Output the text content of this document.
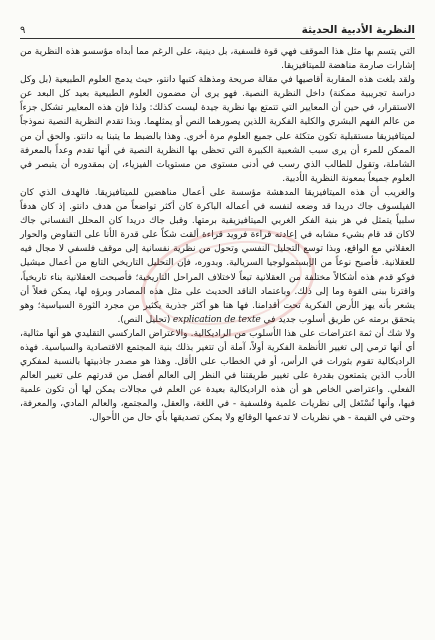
النظرية الأدبية الحديثة
٩

التي يتسم بها مثل هذا الموقف فهي قوة فلسفية، بل دينية، على الرغم مما أبداه مؤسسو هذه النظرية من إشارات صارمة مناهضة للميتافيزيقا.

ولقد بلغت هذه المقاربة أقاصيها في مقالة صريحة ومذهلة كتبها دانتو، حيث يدمج العلوم الطبيعية (بل وكل دراسة تجريبية ممكنة) داخل النظرية النصية. فهو يرى أن مضمون العلوم الطبيعية بعيد كل البعد عن الاستقرار، في حين أن المعايير التي تتمتع بها نظرية جيدة ليست كذلك: ولذا فإن هذه المعايير تشكل جزءاً من عالم الفهم البشري والكلية الفكرية اللذين يصورهما النص أو يمثلهما. وبذا تقدم النظرية النصية نموذجاً لميتافيزيقا مستقبلية تكون متكئة على جميع العلوم مرة أخرى. وهذا بالضبط ما يتبنا به دانتو. والحق أن من الممكن للمرء أن يرى سبب الشعبية الكبيرة التي تحظى بها النظرية النصية في أنها تقدم وعداً بالمعرفة الشاملة، وتقول للطالب الذي رسب في أدنى مستوى من مستويات الفيزياء، إن بمقدوره أن يتبصر في العلوم جميعاً بمعونة النظرية الأدبية.

والغريب أن هذه الميتافيزيقا المدهشة مؤسسة على أعمال مناهضين للميتافيزيقا. فالهدف الذي كان الفيلسوف جاك دريدا قد وضعه لنفسه في أعماله الباكرة كان أكثر تواضعاً من هدف دانتو. إذ كان هدفاً سلبياً يتمثل في هز بنية الفكر الغربي الميتافيزيقية برمتها. وقبل جاك دريدا كان المحلل النفساني جاك لاكان قد قام بشيء مشابه في إعادته قراءة فرويد قراءة ألقت شكاً على قدرة الأنا على التفاوض والحوار العقلاني مع الواقع، وبذا توسع التحليل النفسي وتحول من نظرية نفسانية إلى موقف فلسفي لا مجال فيه للعقلانية. فأصبح نوعاً من الإبستمولوجيا السريالية. وبدوره، فإن التحليل التاريخي التابع من أعمال ميشيل فوكو قدم هذه أشكالاً مختلفة من العقلانية تبعاً لاختلاف المراحل التاريخية؛ فأصبحت العقلانية بناء تاريخياً، واقترنا ببنى القوة وما إلى ذلك. وباعتماد الناقد الحديث على مثل هذه المصادر وبرؤه لها، يمكن فعلاً أن يشعر بأنه يهز الأرض الفكرية تحت أقدامنا. فها هنا هو أكثر جذرية يكثير من مجرد الثورة السياسية؛ وهو يتحقق برمته عن طريق أسلوب جديد في explication de texte (تحليل النص).

ولا شك أن ثمة اعتراضات على هذا الأسلوب من الراديكالية. والاعتراض الماركسي التقليدي هو أنها مثالية، أي أنها ترمي إلى تغيير الأنظمة الفكرية أولاً، آملة أن تتغير بذلك بنية المجتمع الاقتصادية والسياسية. فهذه الراديكالية تقوم بثورات في الرأس، أو في الخطاب على الأقل. وهذا هو مصدر جاذبيتها بالنسبة لمفكري الأدب الذين يتمتعون بقدرة على تغيير طريقتنا في النظر إلى العالم أفضل من قدرتهم على تغيير العالم الفعلي. واعتراضي الخاص هو أن هذه الراديكالية بعيدة عن العلم في مجالات يمكن لها أن تكون علمية فيها، وأنها تُسْتَغل إلى نظريات علمية وفلسفية - في اللغة، والعقل، والمجتمع، والعالم المادي، والمعرفة، وحتى في القيمة - هي نظريات لا تدعمها الوقائع ولا يمكن تصديقها بأي حال من الأحوال.
